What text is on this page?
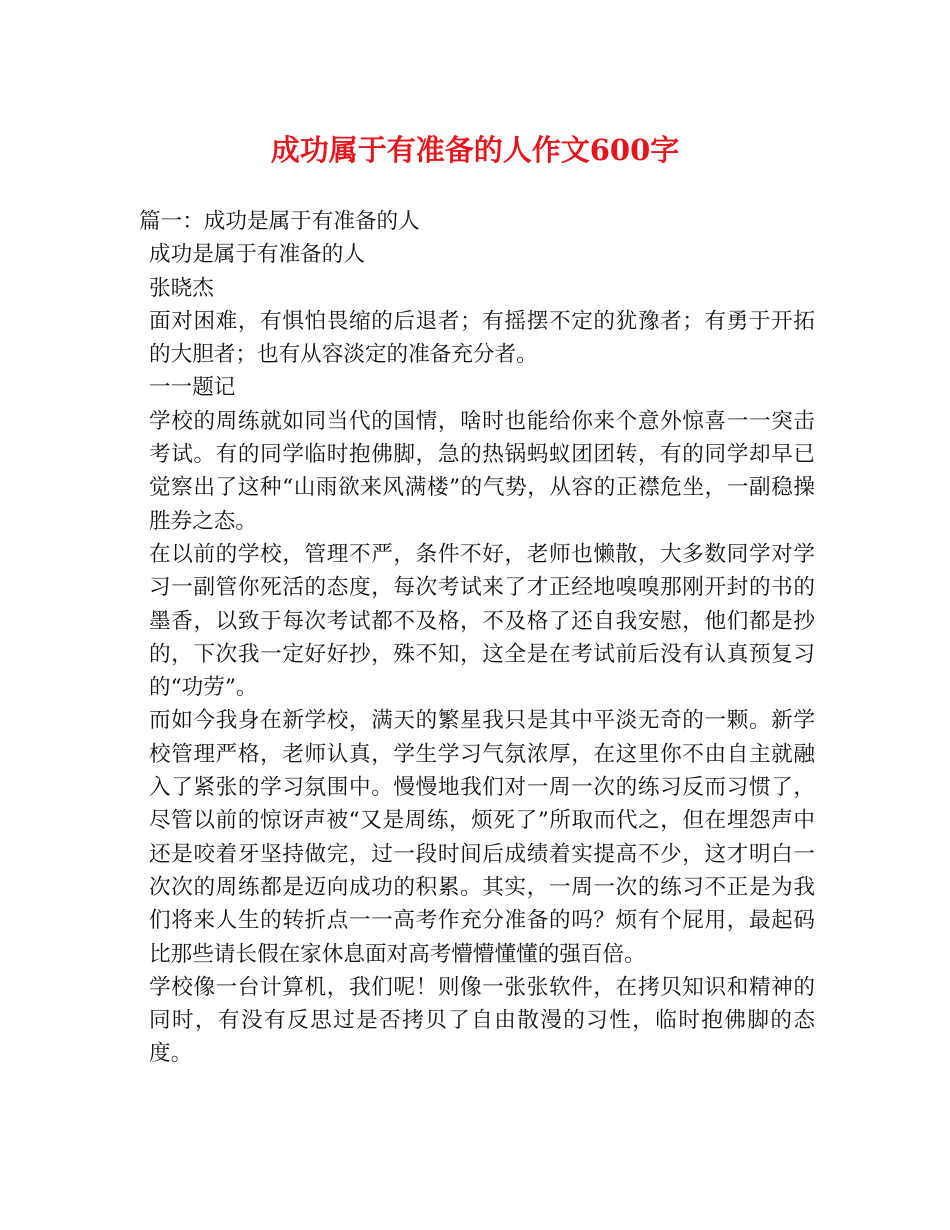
成功属于有准备的人作文600字

篇一：成功是属于有准备的人

成功是属于有准备的人

张晓杰

面对困难，有惧怕畏缩的后退者；有摇摆不定的犹豫者；有勇于开拓的大胆者；也有从容淡定的准备充分者。

一一题记

学校的周练就如同当代的国情，啥时也能给你来个意外惊喜一一突击考试。有的同学临时抱佛脚，急的热锅蚂蚁团团转，有的同学却早已觉察出了这种“山雨欲来风满楼”的气势，从容的正襟危坐，一副稳操胜券之态。

在以前的学校，管理不严，条件不好，老师也懒散，大多数同学对学习一副管你死活的态度，每次考试来了才正经地嗅嗅那刚开封的书的墨香，以致于每次考试都不及格，不及格了还自我安慰，他们都是抄的，下次我一定好好抄，殊不知，这全是在考试前后没有认真预复习的“功劳”。

而如今我身在新学校，满天的繁星我只是其中平淡无奇的一颗。新学校管理严格，老师认真，学生学习气氛浓厚，在这里你不由自主就融入了紧张的学习氛围中。慢慢地我们对一周一次的练习反而习惯了，尽管以前的惊讶声被“又是周练，烦死了”所取而代之，但在埋怨声中还是咬着牙坚持做完，过一段时间后成绩着实提高不少，这才明白一次次的周练都是迈向成功的积累。其实，一周一次的练习不正是为我们将来人生的转折点一一高考作充分准备的吗？烦有个屁用，最起码比那些请长假在家休息面对高考懵懵懂懂的强百倍。

学校像一台计算机，我们呢！则像一张张软件，在拷贝知识和精神的同时，有没有反思过是否拷贝了自由散漫的习性，临时抱佛脚的态度。
